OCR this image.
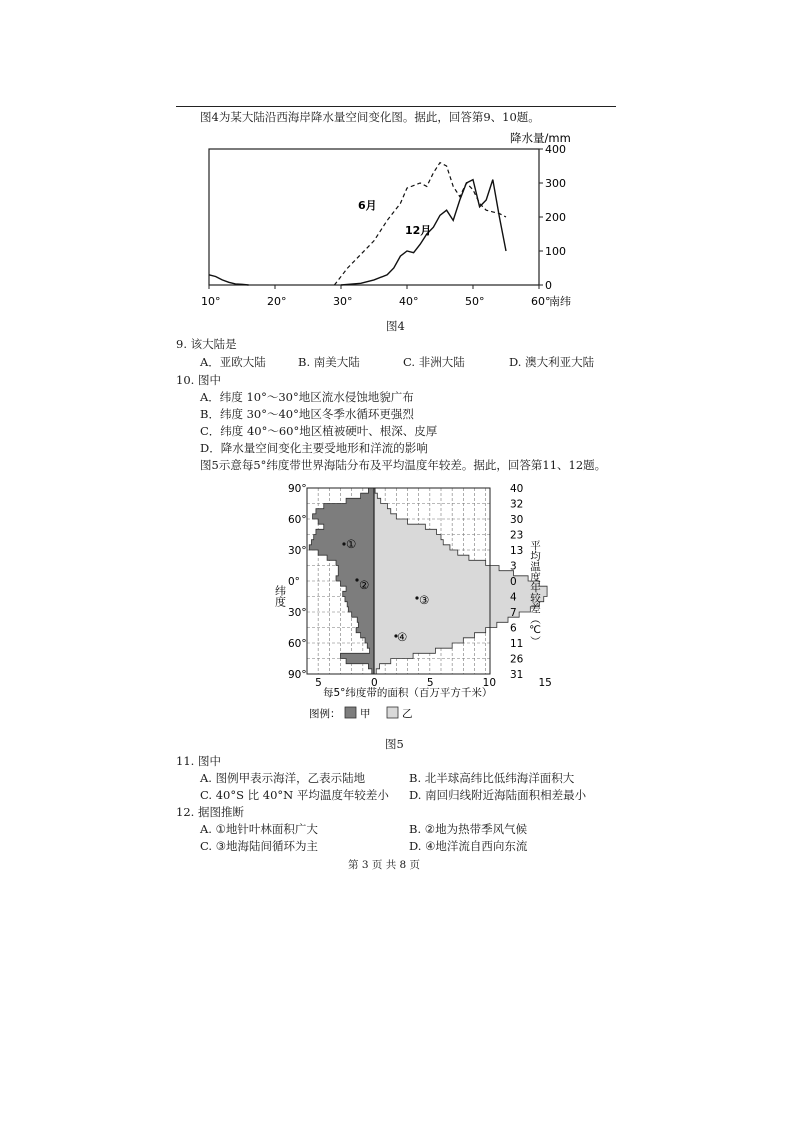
图4为某大陆沿西海岸降水量空间变化图。据此，回答第9、10题。
10°	20°	30°	40°	50°	60°
0
100
200
300
400
降水量/mm
南纬
6月
12月
图4
9. 该大陆是
A．亚欧大陆	B. 南美大陆	C. 非洲大陆	D. 澳大利亚大陆
10. 图中
A．纬度 10°～30°地区流水侵蚀地貌广布
B．纬度 30°～40°地区冬季水循环更强烈
C．纬度 40°～60°地区植被硬叶、根深、皮厚
D．降水量空间变化主要受地形和洋流的影响
图5示意每5°纬度带世界海陆分布及平均温度年较差。据此，回答第11、12题。
90°
60°
30°
0°
30°
60°
90°
5	0	5	10	15
40
32
30
23
13
3
0
4
7
6
11
26
31
①
②
③
④
纬度	平均温度年较差（℃）
每5°纬度带的面积（百万平方千米）
图例： 甲	乙
图5
11. 图中
A. 图例甲表示海洋，乙表示陆地	B. 北半球高纬比低纬海洋面积大
C. 40°S 比 40°N 平均温度年较差小 D. 南回归线附近海陆面积相差最小
12. 据图推断
A. ①地针叶林面积广大	B. ②地为热带季风气候
C. ③地海陆间循环为主	D. ④地洋流自西向东流
第 3 页 共 8 页
